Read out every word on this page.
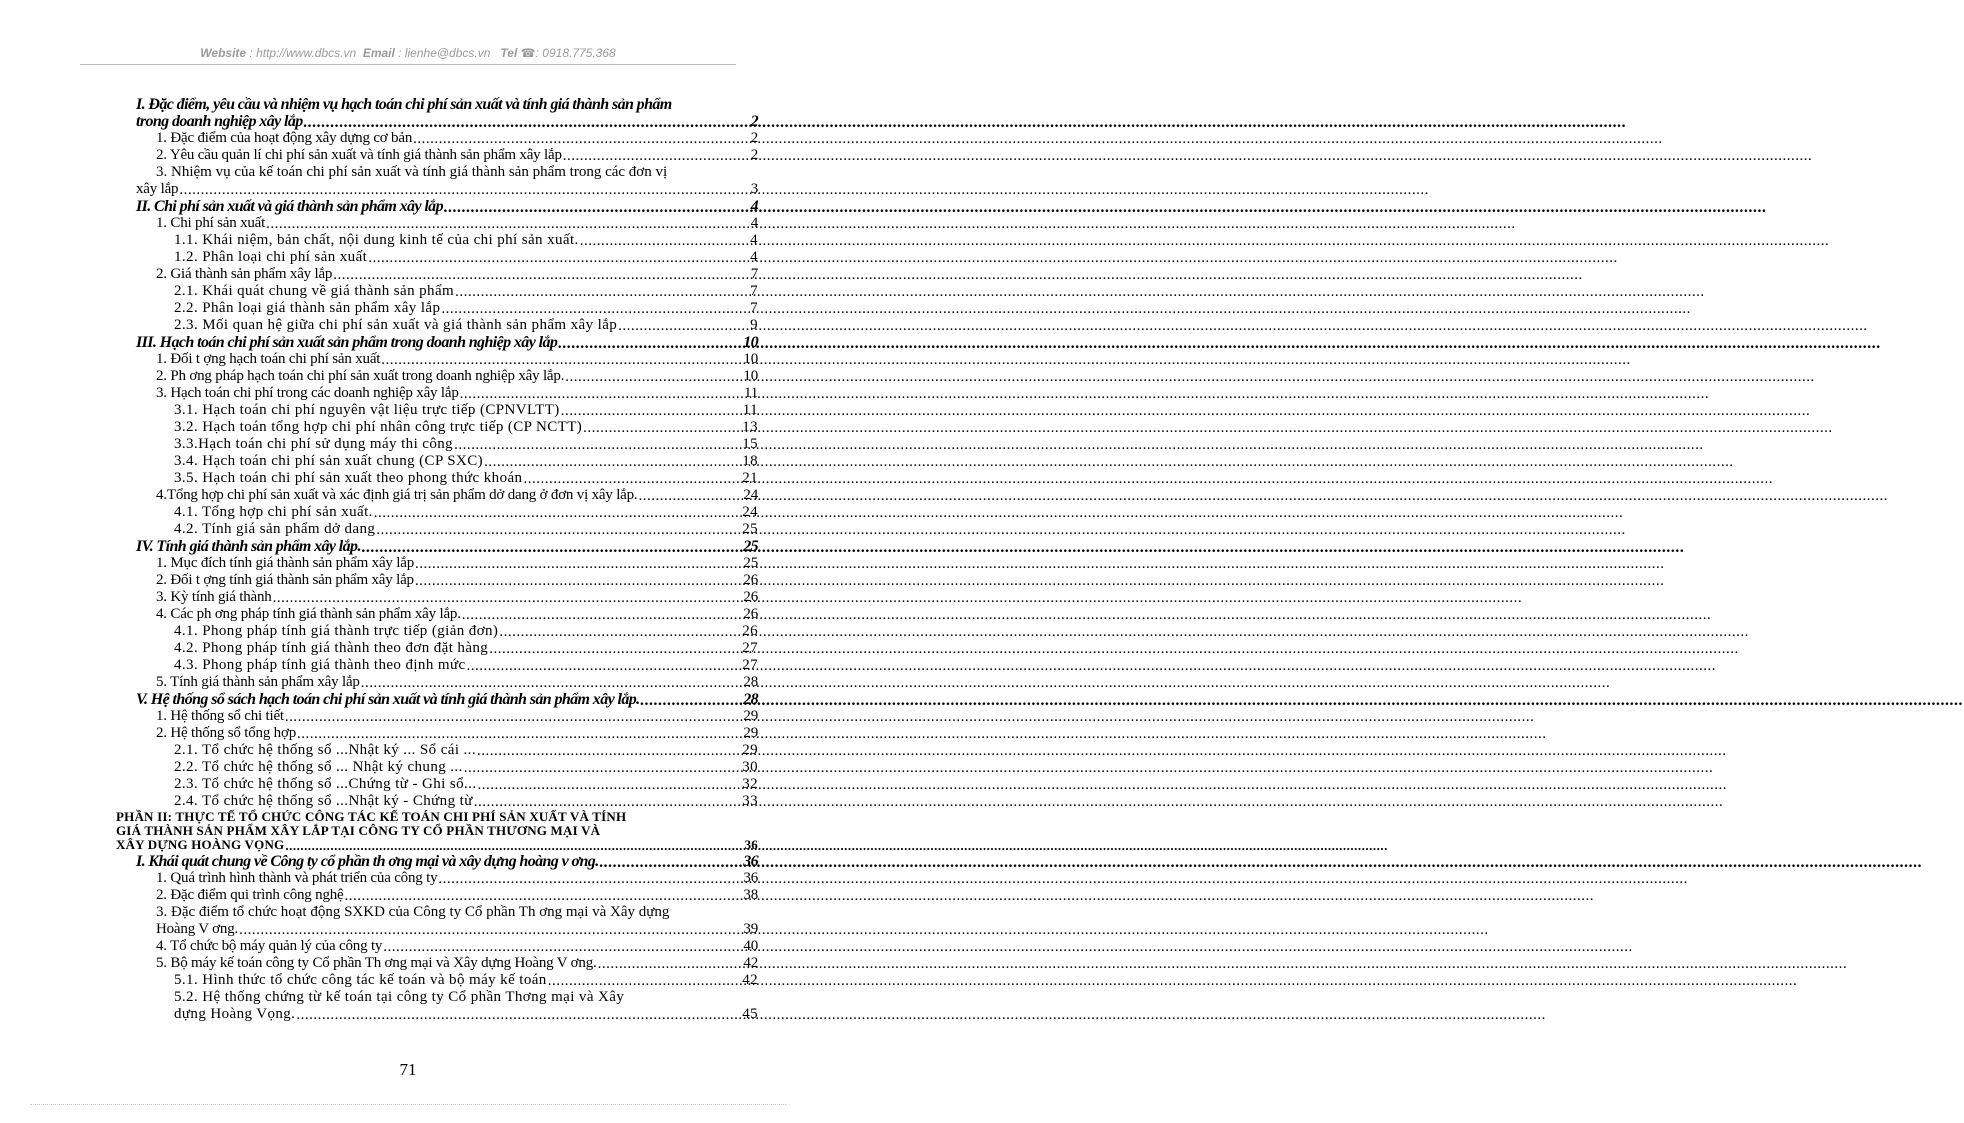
Website : http://www.dbcs.vn Email : lienhe@dbcs.vn Tel ☎: 0918.775.368
I. Đặc điểm, yêu cầu và nhiệm vụ hạch toán chi phí sản xuất và tính giá thành sản phẩm
trong doanh nghiệp xây lắp .....	2
1. Đặc điểm của hoạt động xây dựng cơ bản .....	2
2. Yêu cầu quản lí chi phí sản xuất và tính giá thành sản phẩm xây lắp .....	2
3. Nhiệm vụ của kế toán chi phí sản xuất và tính giá thành sản phẩm trong các đơn vị
xây lắp .....	3
II. Chi phí sản xuất và giá thành sản phẩm xây lắp .....	4
1. Chi phí sản xuất .....	4
1.1. Khái niệm, bản chất, nội dung kinh tế của chi phí sản xuất. .....	4
1.2. Phân loại chi phí sản xuất .....	4
2. Giá thành sản phẩm xây lắp .....	7
2.1. Khái quát chung về giá thành sản phẩm .....	7
2.2. Phân loại giá thành sản phẩm xây lắp .....	7
2.3. Mối quan hệ giữa chi phí sản xuất và giá thành sản phẩm xây lắp .....	9
III. Hạch toán chi phí sản xuất sản phẩm trong doanh nghiệp xây lắp .....	10
1. Đối t ợng hạch toán chi phí sản xuất .....	10
2. Ph ơng pháp hạch toán chi phí sản xuất trong doanh nghiệp xây lắp. .....	10
3. Hạch toán chi phí trong các doanh nghiệp xây lắp .....	11
3.1. Hạch toán chi phí nguyên vật liệu trực tiếp (CPNVLTT) .....	11
3.2. Hạch toán tổng hợp chi phí nhân công trực tiếp (CP NCTT) .....	13
3.3.Hạch toán chi phí sử dụng máy thi công .....	15
3.4. Hạch toán chi phí sản xuất chung (CP SXC) .....	18
3.5. Hạch toán chi phí sản xuất theo phong thức khoán .....	21
4.Tổng hợp chi phí sản xuất và xác định giá trị sản phẩm dở dang ở đơn vị xây lắp. .....	24
4.1. Tổng hợp chi phí sản xuất. .....	24
4.2. Tính giá sản phẩm dở dang .....	25
IV. Tính giá thành sản phẩm xây lắp. .....	25
1. Mục đích tính giá thành sản phẩm xây lắp .....	25
2. Đối t ợng tính giá thành sản phẩm xây lắp .....	26
3. Kỳ tính giá thành .....	26
4. Các ph ơng pháp tính giá thành sản phẩm xây lắp. .....	26
4.1. Phong pháp tính giá thành trực tiếp (giản đơn) .....	26
4.2. Phong pháp tính giá thành theo đơn đặt hàng .....	27
4.3. Phong pháp tính giá thành theo định mức .....	27
5. Tính giá thành sản phẩm xây lắp .....	28
V. Hệ thống sổ sách hạch toán chi phí sản xuất và tính giá thành sản phẩm xây lắp. .....	28
1. Hệ thống sổ chi tiết .....	29
2. Hệ thống sổ tổng hợp .....	29
2.1. Tổ chức hệ thống sổ ...Nhật ký ... Sổ cái ... .....	29
2.2. Tổ chức hệ thống sổ ... Nhật ký chung ... .....	30
2.3. Tổ chức hệ thống sổ ...Chứng từ - Ghi sổ... .....	32
2.4. Tổ chức hệ thống sổ ...Nhật ký - Chứng từ .....	33
PHẦN II: THỰC TẾ TỔ CHỨC CÔNG TÁC KẾ TOÁN CHI PHÍ SẢN XUẤT VÀ TÍNH
GIÁ THÀNH SẢN PHẨM XÂY LẮP TẠI CÔNG TY CỔ PHẦN THƯƠNG MẠI VÀ
XÂY DỰNG HOÀNG VỌNG .....	36
I. Khái quát chung về Công ty cổ phần th ơng mại và xây dựng hoàng v ơng. .....	36
1. Quá trình hình thành và phát triển của công ty .....	36
2. Đặc điểm qui trình công nghệ .....	38
3. Đặc điểm tổ chức hoạt động SXKD của Công ty Cổ phần Th ơng mại và Xây dựng
Hoàng V ơng. .....	39
4. Tổ chức bộ máy quản lý của công ty .....	40
5. Bộ máy kế toán công ty Cổ phần Th ơng mại và Xây dựng Hoàng V ơng. .....	42
5.1. Hình thức tổ chức công tác kế toán và bộ máy kế toán .....	42
5.2. Hệ thống chứng từ kế toán tại công ty Cổ phần Thơng mại và Xây
dựng Hoàng Vọng. .....	45
71
